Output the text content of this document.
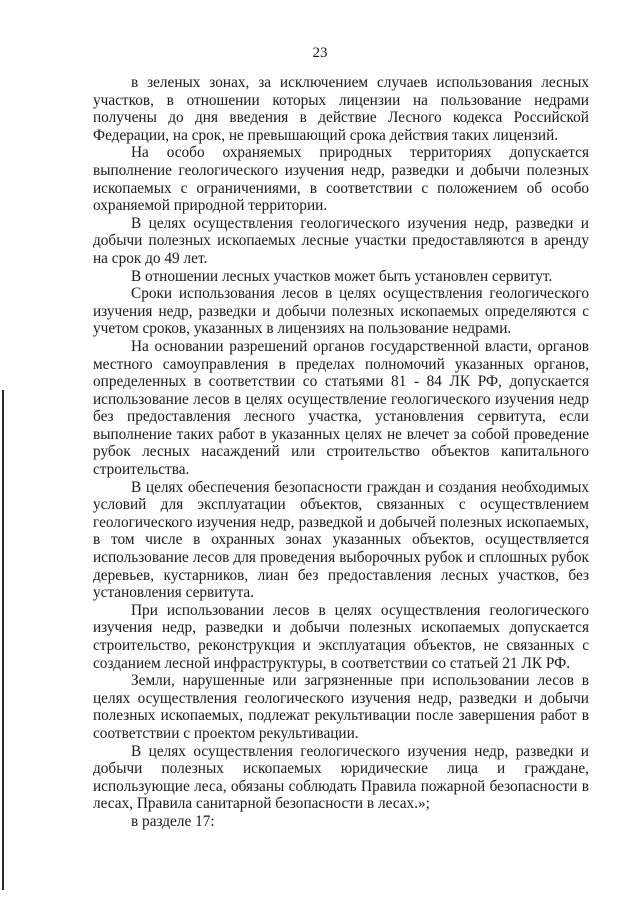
23

в зеленых зонах, за исключением случаев использования лесных участков, в отношении которых лицензии на пользование недрами получены до дня введения в действие Лесного кодекса Российской Федерации, на срок, не превышающий срока действия таких лицензий.

На особо охраняемых природных территориях допускается выполнение геологического изучения недр, разведки и добычи полезных ископаемых с ограничениями, в соответствии с положением об особо охраняемой природной территории.

В целях осуществления геологического изучения недр, разведки и добычи полезных ископаемых лесные участки предоставляются в аренду на срок до 49 лет.

В отношении лесных участков может быть установлен сервитут.

Сроки использования лесов в целях осуществления геологического изучения недр, разведки и добычи полезных ископаемых определяются с учетом сроков, указанных в лицензиях на пользование недрами.

На основании разрешений органов государственной власти, органов местного самоуправления в пределах полномочий указанных органов, определенных в соответствии со статьями 81 - 84 ЛК РФ, допускается использование лесов в целях осуществление геологического изучения недр без предоставления лесного участка, установления сервитута, если выполнение таких работ в указанных целях не влечет за собой проведение рубок лесных насаждений или строительство объектов капитального строительства.

В целях обеспечения безопасности граждан и создания необходимых условий для эксплуатации объектов, связанных с осуществлением геологического изучения недр, разведкой и добычей полезных ископаемых, в том числе в охранных зонах указанных объектов, осуществляется использование лесов для проведения выборочных рубок и сплошных рубок деревьев, кустарников, лиан без предоставления лесных участков, без установления сервитута.

При использовании лесов в целях осуществления геологического изучения недр, разведки и добычи полезных ископаемых допускается строительство, реконструкция и эксплуатация объектов, не связанных с созданием лесной инфраструктуры, в соответствии со статьей 21 ЛК РФ.

Земли, нарушенные или загрязненные при использовании лесов в целях осуществления геологического изучения недр, разведки и добычи полезных ископаемых, подлежат рекультивации после завершения работ в соответствии с проектом рекультивации.

В целях осуществления геологического изучения недр, разведки и добычи полезных ископаемых юридические лица и граждане, использующие леса, обязаны соблюдать Правила пожарной безопасности в лесах, Правила санитарной безопасности в лесах.»;

в разделе 17:
